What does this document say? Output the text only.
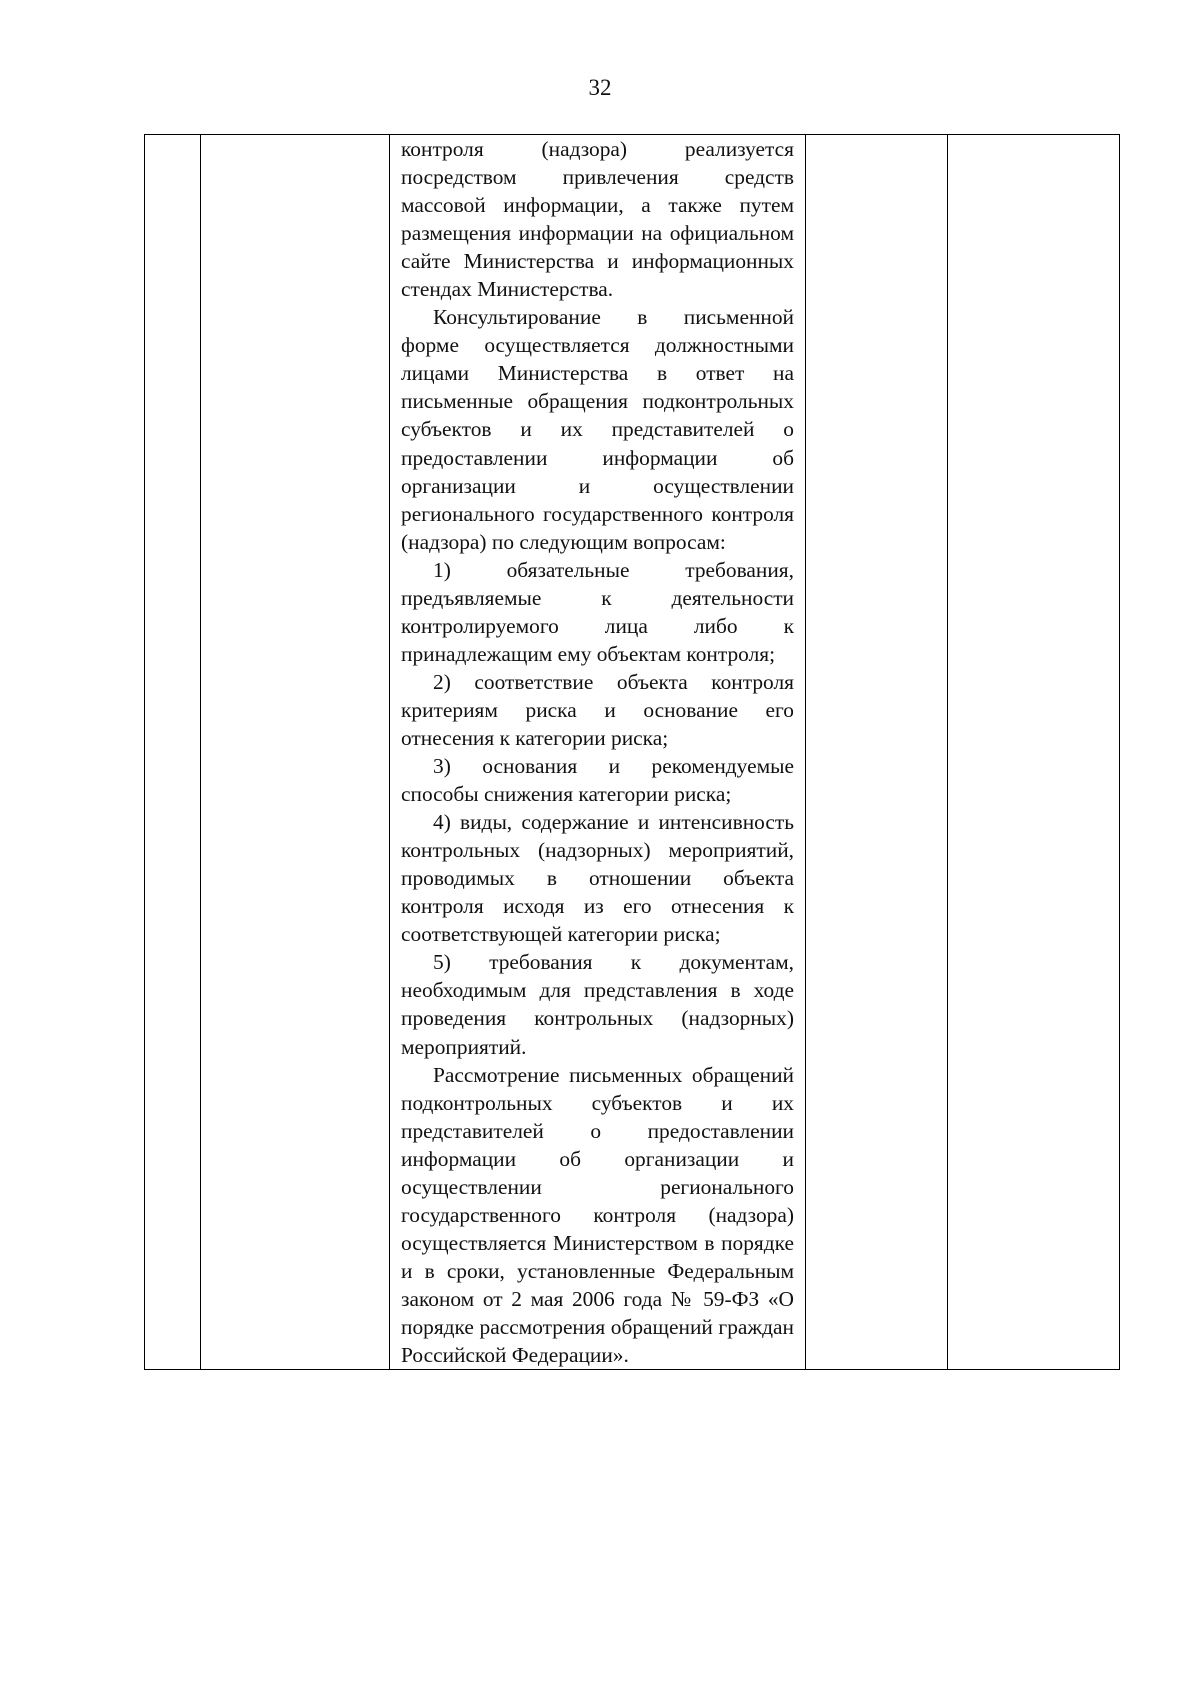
32

контроля (надзора) реализуется посредством привлечения средств массовой информации, а также путем размещения информации на официальном сайте Министерства и информационных стендах Министерства.

Консультирование в письменной форме осуществляется должностными лицами Министерства в ответ на письменные обращения подконтрольных субъектов и их представителей о предоставлении информации об организации и осуществлении регионального государственного контроля (надзора) по следующим вопросам:

1) обязательные требования, предъявляемые к деятельности контролируемого лица либо к принадлежащим ему объектам контроля;

2) соответствие объекта контроля критериям риска и основание его отнесения к категории риска;

3) основания и рекомендуемые способы снижения категории риска;

4) виды, содержание и интенсивность контрольных (надзорных) мероприятий, проводимых в отношении объекта контроля исходя из его отнесения к соответствующей категории риска;

5) требования к документам, необходимым для представления в ходе проведения контрольных (надзорных) мероприятий.

Рассмотрение письменных обращений подконтрольных субъектов и их представителей о предоставлении информации об организации и осуществлении регионального государственного контроля (надзора) осуществляется Министерством в порядке и в сроки, установленные Федеральным законом от 2 мая 2006 года № 59-ФЗ «О порядке рассмотрения обращений граждан Российской Федерации».
